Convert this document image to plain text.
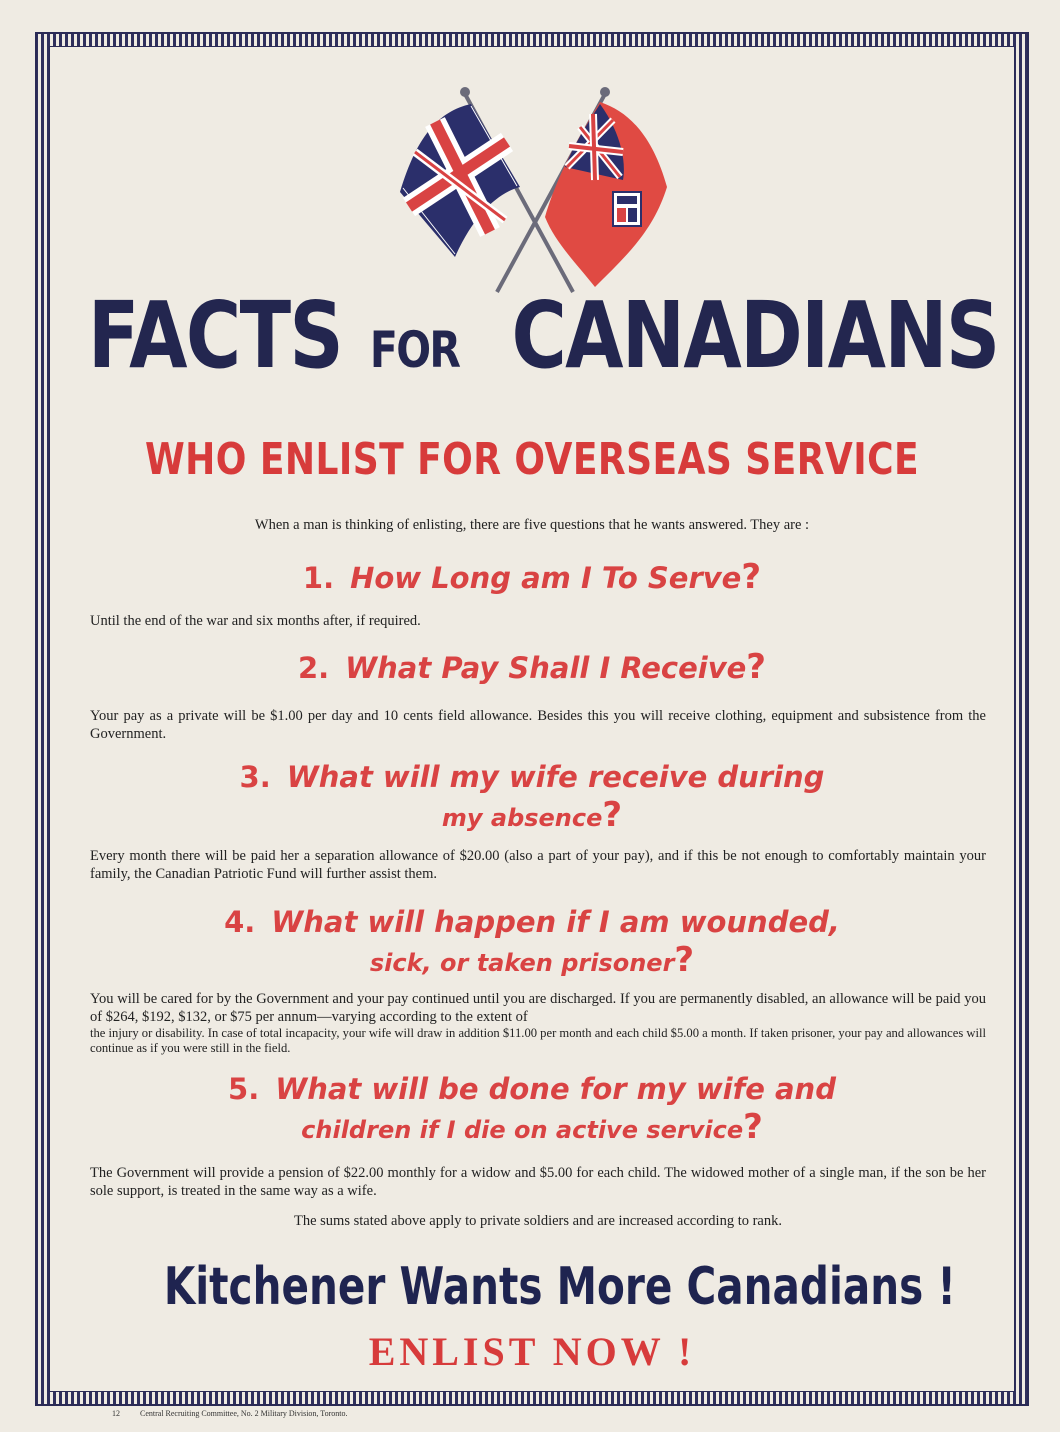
FACTS FOR CANADIANS
WHO ENLIST FOR OVERSEAS SERVICE
When a man is thinking of enlisting, there are five questions that he wants answered. They are :
1. How Long am I To Serve?
Until the end of the war and six months after, if required.
2. What Pay Shall I Receive?
Your pay as a private will be $1.00 per day and 10 cents field allowance. Besides this you will receive clothing, equipment and subsistence from the Government.
3. What will my wife receive during
my absence?
Every month there will be paid her a separation allowance of $20.00 (also a part of your pay), and if this be not enough to comfortably maintain your family, the Canadian Patriotic Fund will further assist them.
4. What will happen if I am wounded,
sick, or taken prisoner?
You will be cared for by the Government and your pay continued until you are discharged. If you are permanently disabled, an allowance will be paid you of $264, $192, $132, or $75 per annum—varying according to the extent of
the injury or disability. In case of total incapacity, your wife will draw in addition $11.00 per month and each child $5.00 a month. If taken prisoner, your pay and allowances will continue as if you were still in the field.
5. What will be done for my wife and
children if I die on active service?
The Government will provide a pension of $22.00 monthly for a widow and $5.00 for each child. The widowed mother of a single man, if the son be her sole support, is treated in the same way as a wife.
The sums stated above apply to private soldiers and are increased according to rank.
Kitchener Wants More Canadians !
ENLIST NOW !
12	Central Recruiting Committee, No. 2 Military Division, Toronto.
